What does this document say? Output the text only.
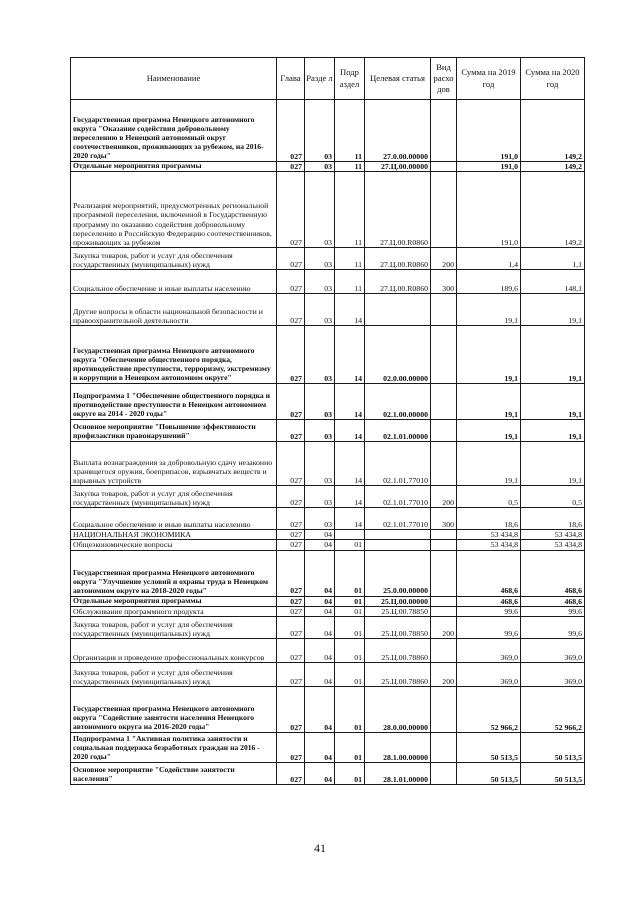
Наименование	Глава	Разде л	Подр аздел	Целевая статья	Вид расхо дов	Сумма на 2019 год	Сумма на 2020 год
Государственная программа Ненецкого автономного округа "Оказание содействия добровольному переселению в Ненецкий автономный округ соотечественников, проживающих за рубежом, на 2016-2020 годы"	027	03	11	27.0.00.00000		191,0	149,2
Отдельные мероприятия программы	027	03	11	27.Ц.00.00000		191,0	149,2
Реализация мероприятий, предусмотренных региональной программой переселения, включенной в Государственную программу по оказанию содействия добровольному переселению в Российскую Федерацию соотечественников, проживающих за рубежом	027	03	11	27.Ц.00.R0860		191,0	149,2
Закупка товаров, работ и услуг для обеспечения государственных (муниципальных) нужд	027	03	11	27.Ц.00.R0860	200	1,4	1,1
Социальное обеспечение и иные выплаты населению	027	03	11	27.Ц.00.R0860	300	189,6	148,1
Другие вопросы в области национальной безопасности и правоохранительной деятельности	027	03	14			19,1	19,1
Государственная программа Ненецкого автономного округа "Обеспечение общественного порядка, противодействие преступности, терроризму, экстремизму и коррупции в Ненецком автономном округе"	027	03	14	02.0.00.00000		19,1	19,1
Подпрограмма 1 "Обеспечение общественного порядка и противодействие преступности в Ненецком автономном округе на 2014 - 2020 годы"	027	03	14	02.1.00.00000		19,1	19,1
Основное мероприятие "Повышение эффективности профилактики правонарушений"	027	03	14	02.1.01.00000		19,1	19,1
Выплата вознаграждения за добровольную сдачу незаконно хранящегося оружия, боеприпасов, взрывчатых веществ и взрывных устройств	027	03	14	02.1.01.77010		19,1	19,1
Закупка товаров, работ и услуг для обеспечения государственных (муниципальных) нужд	027	03	14	02.1.01.77010	200	0,5	0,5
Социальное обеспечение и иные выплаты населению	027	03	14	02.1.01.77010	300	18,6	18,6
НАЦИОНАЛЬНАЯ ЭКОНОМИКА	027	04				53 434,8	53 434,8
Общеэкономические вопросы	027	04	01			53 434,8	53 434,8
Государственная программа Ненецкого автономного округа "Улучшение условий и охраны труда в Ненецком автономном округе на 2018-2020 годы"	027	04	01	25.0.00.00000		468,6	468,6
Отдельные мероприятия программы	027	04	01	25.Ц.00.00000		468,6	468,6
Обслуживание программного продукта	027	04	01	25.Ц.00.78850		99,6	99,6
Закупка товаров, работ и услуг для обеспечения государственных (муниципальных) нужд	027	04	01	25.Ц.00.78850	200	99,6	99,6
Организация и проведение профессиональных конкурсов	027	04	01	25.Ц.00.78860		369,0	369,0
Закупка товаров, работ и услуг для обеспечения государственных (муниципальных) нужд	027	04	01	25.Ц.00.78860	200	369,0	369,0
Государственная программа Ненецкого автономного округа "Содействие занятости населения Ненецкого автономного округа на 2016-2020 годы"	027	04	01	28.0.00.00000		52 966,2	52 966,2
Подпрограмма 1 "Активная политика занятости и социальная поддержка безработных граждан на 2016 - 2020 годы"	027	04	01	28.1.00.00000		50 513,5	50 513,5
Основное мероприятие "Содействие занятости населения"	027	04	01	28.1.01.00000		50 513,5	50 513,5
41
